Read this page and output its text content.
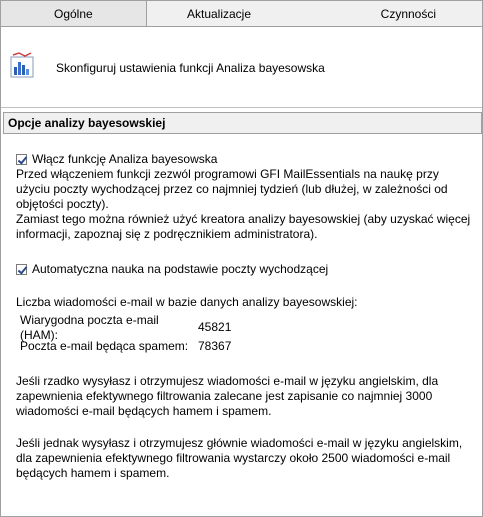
Ogólne	Aktualizacje	Czynności
Skonfiguruj ustawienia funkcji Analiza bayesowska
Opcje analizy bayesowskiej
Włącz funkcję Analiza bayesowska

Przed włączeniem funkcji zezwól programowi GFI MailEssentials na naukę przy użyciu poczty wychodzącej przez co najmniej tydzień (lub dłużej, w zależności od objętości poczty).

Zamiast tego można również użyć kreatora analizy bayesowskiej (aby uzyskać więcej informacji, zapoznaj się z podręcznikiem administratora).

Automatyczna nauka na podstawie poczty wychodzącej

Liczba wiadomości e-mail w bazie danych analizy bayesowskiej:

Wiarygodna poczta e-mail (HAM):
45821
Poczta e-mail będąca spamem: 78367

Jeśli rzadko wysyłasz i otrzymujesz wiadomości e-mail w języku angielskim, dla zapewnienia efektywnego filtrowania zalecane jest zapisanie co najmniej 3000 wiadomości e-mail będących hamem i spamem.

Jeśli jednak wysyłasz i otrzymujesz głównie wiadomości e-mail w języku angielskim, dla zapewnienia efektywnego filtrowania wystarczy około 2500 wiadomości e-mail będących hamem i spamem.
